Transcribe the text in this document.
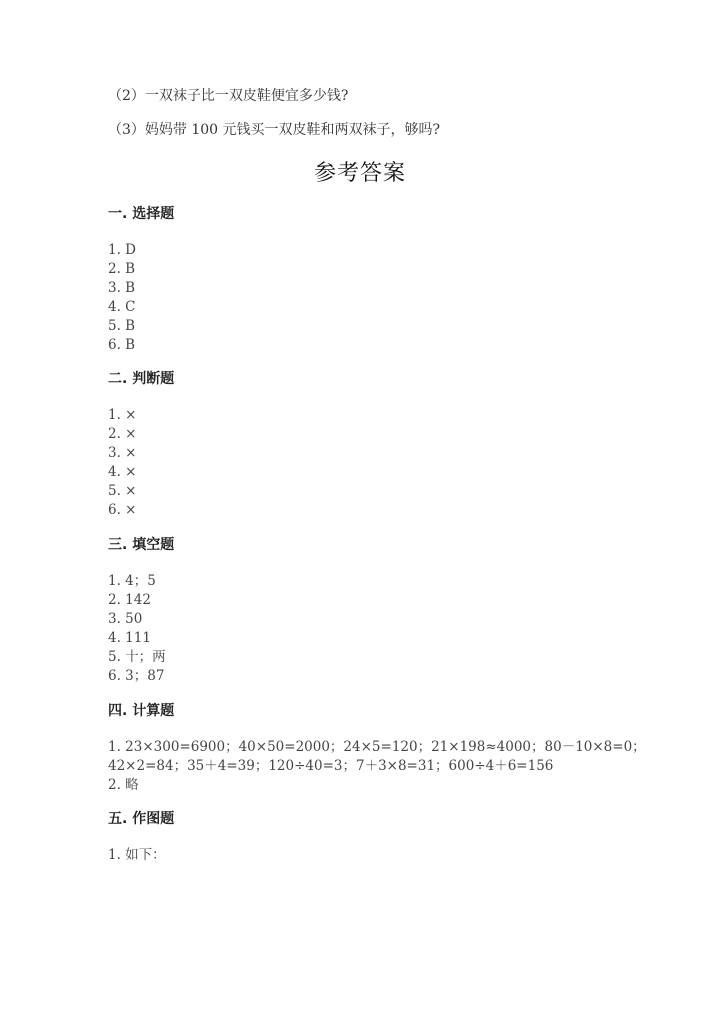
（2）一双袜子比一双皮鞋便宜多少钱?
（3）妈妈带 100 元钱买一双皮鞋和两双袜子，够吗?
参考答案
一. 选择题
1. D
2. B
3. B
4. C
5. B
6. B
二. 判断题
1. ×
2. ×
3. ×
4. ×
5. ×
6. ×
三. 填空题
1. 4；5
2. 142
3. 50
4. 111
5. 十；两
6. 3；87
四. 计算题
1. 23×300=6900；40×50=2000；24×5=120；21×198≈4000；80－10×8=0；
42×2=84；35＋4=39；120÷40=3；7＋3×8=31；600÷4＋6=156
2. 略
五. 作图题
1. 如下：
